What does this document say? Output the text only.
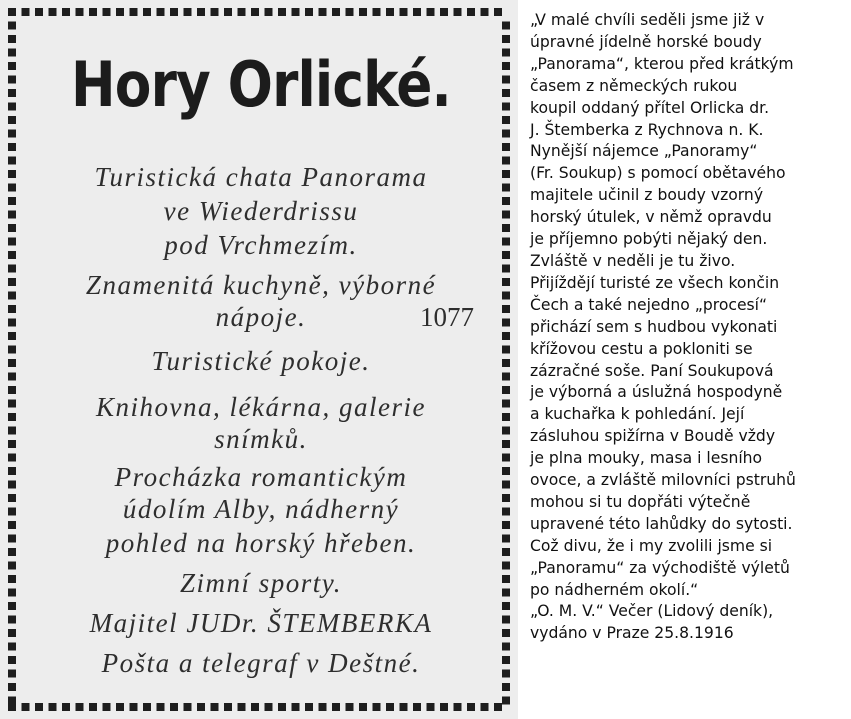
Hory Orlické.
Turistická chata Panorama
ve Wiederdrissu
pod Vrchmezím.
Znamenitá kuchyně, výborné
nápoje.	1077
Turistické pokoje.
Knihovna, lékárna, galerie
snímků.
Procházka romantickým
údolím Alby, nádherný
pohled na horský hřeben.
Zimní sporty.
Majitel JUDr. ŠTEMBERKA
Pošta a telegraf v Deštné.
„V malé chvíli seděli jsme již v
úpravné jídelně horské boudy
„Panorama“, kterou před krátkým
časem z německých rukou
koupil oddaný přítel Orlicka dr.
J. Štemberka z Rychnova n. K.
Nynější nájemce „Panoramy“
(Fr. Soukup) s pomocí obětavého
majitele učinil z boudy vzorný
horský útulek, v němž opravdu
je příjemno pobýti nějaký den.
Zvláště v neděli je tu živo.
Přijíždějí turisté ze všech končin
Čech a také nejedno „procesí“
přichází sem s hudbou vykonati
křížovou cestu a pokloniti se
zázračné soše. Paní Soukupová
je výborná a úslužná hospodyně
a kuchařka k pohledání. Její
zásluhou spižírna v Boudě vždy
je plna mouky, masa i lesního
ovoce, a zvláště milovníci pstruhů
mohou si tu dopřáti výtečně
upravené této lahůdky do sytosti.
Což divu, že i my zvolili jsme si
„Panoramu“ za východiště výletů
po nádherném okolí.“
„O. M. V.“ Večer (Lidový deník),
vydáno v Praze 25.8.1916
